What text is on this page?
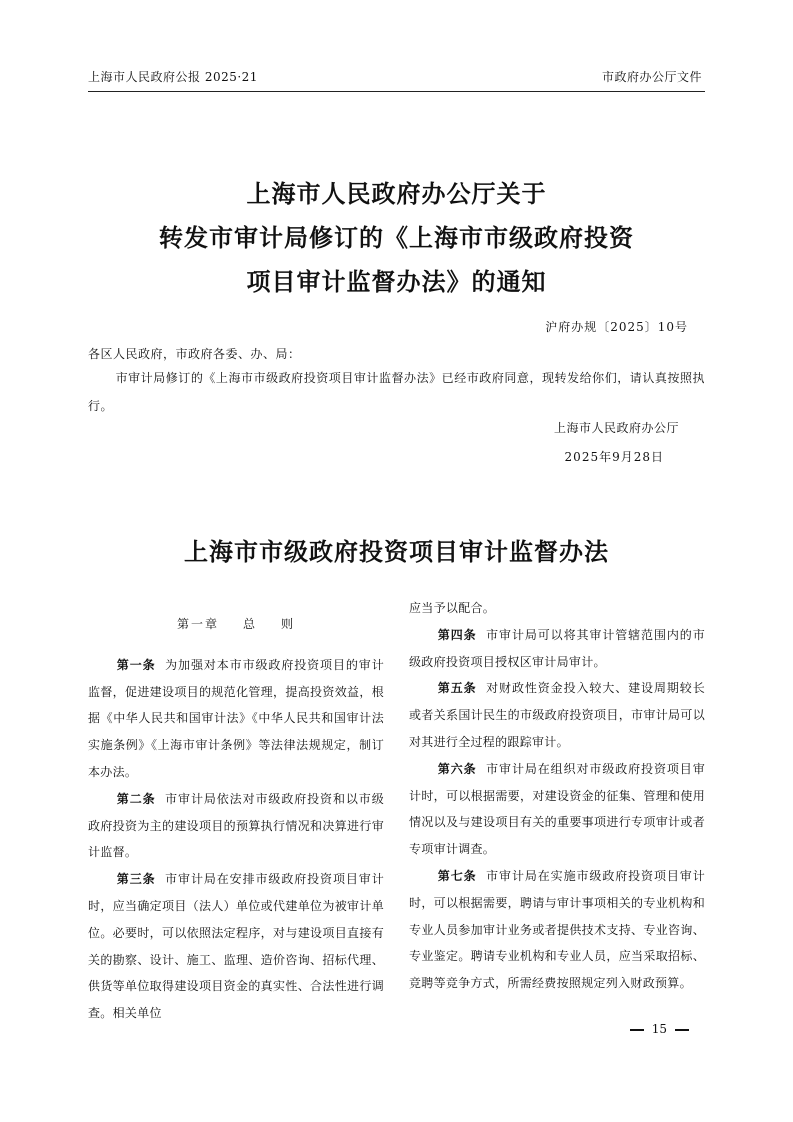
上海市人民政府公报 2025·21	市政府办公厅文件
上海市人民政府办公厅关于
转发市审计局修订的《上海市市级政府投资
项目审计监督办法》的通知
沪府办规〔2025〕10号
各区人民政府，市政府各委、办、局：
市审计局修订的《上海市市级政府投资项目审计监督办法》已经市政府同意，现转发给你们，请认真按照执行。
上海市人民政府办公厅
2025年9月28日
上海市市级政府投资项目审计监督办法
第一章 总 则
第一条 为加强对本市市级政府投资项目的审计监督，促进建设项目的规范化管理，提高投资效益，根据《中华人民共和国审计法》《中华人民共和国审计法实施条例》《上海市审计条例》等法律法规规定，制订本办法。
第二条 市审计局依法对市级政府投资和以市级政府投资为主的建设项目的预算执行情况和决算进行审计监督。
第三条 市审计局在安排市级政府投资项目审计时，应当确定项目（法人）单位或代建单位为被审计单位。必要时，可以依照法定程序，对与建设项目直接有关的勘察、设计、施工、监理、造价咨询、招标代理、供货等单位取得建设项目资金的真实性、合法性进行调查。相关单位
应当予以配合。
第四条 市审计局可以将其审计管辖范围内的市级政府投资项目授权区审计局审计。
第五条 对财政性资金投入较大、建设周期较长或者关系国计民生的市级政府投资项目，市审计局可以对其进行全过程的跟踪审计。
第六条 市审计局在组织对市级政府投资项目审计时，可以根据需要，对建设资金的征集、管理和使用情况以及与建设项目有关的重要事项进行专项审计或者专项审计调查。
第七条 市审计局在实施市级政府投资项目审计时，可以根据需要，聘请与审计事项相关的专业机构和专业人员参加审计业务或者提供技术支持、专业咨询、专业鉴定。聘请专业机构和专业人员，应当采取招标、竞聘等竞争方式，所需经费按照规定列入财政预算。
15
